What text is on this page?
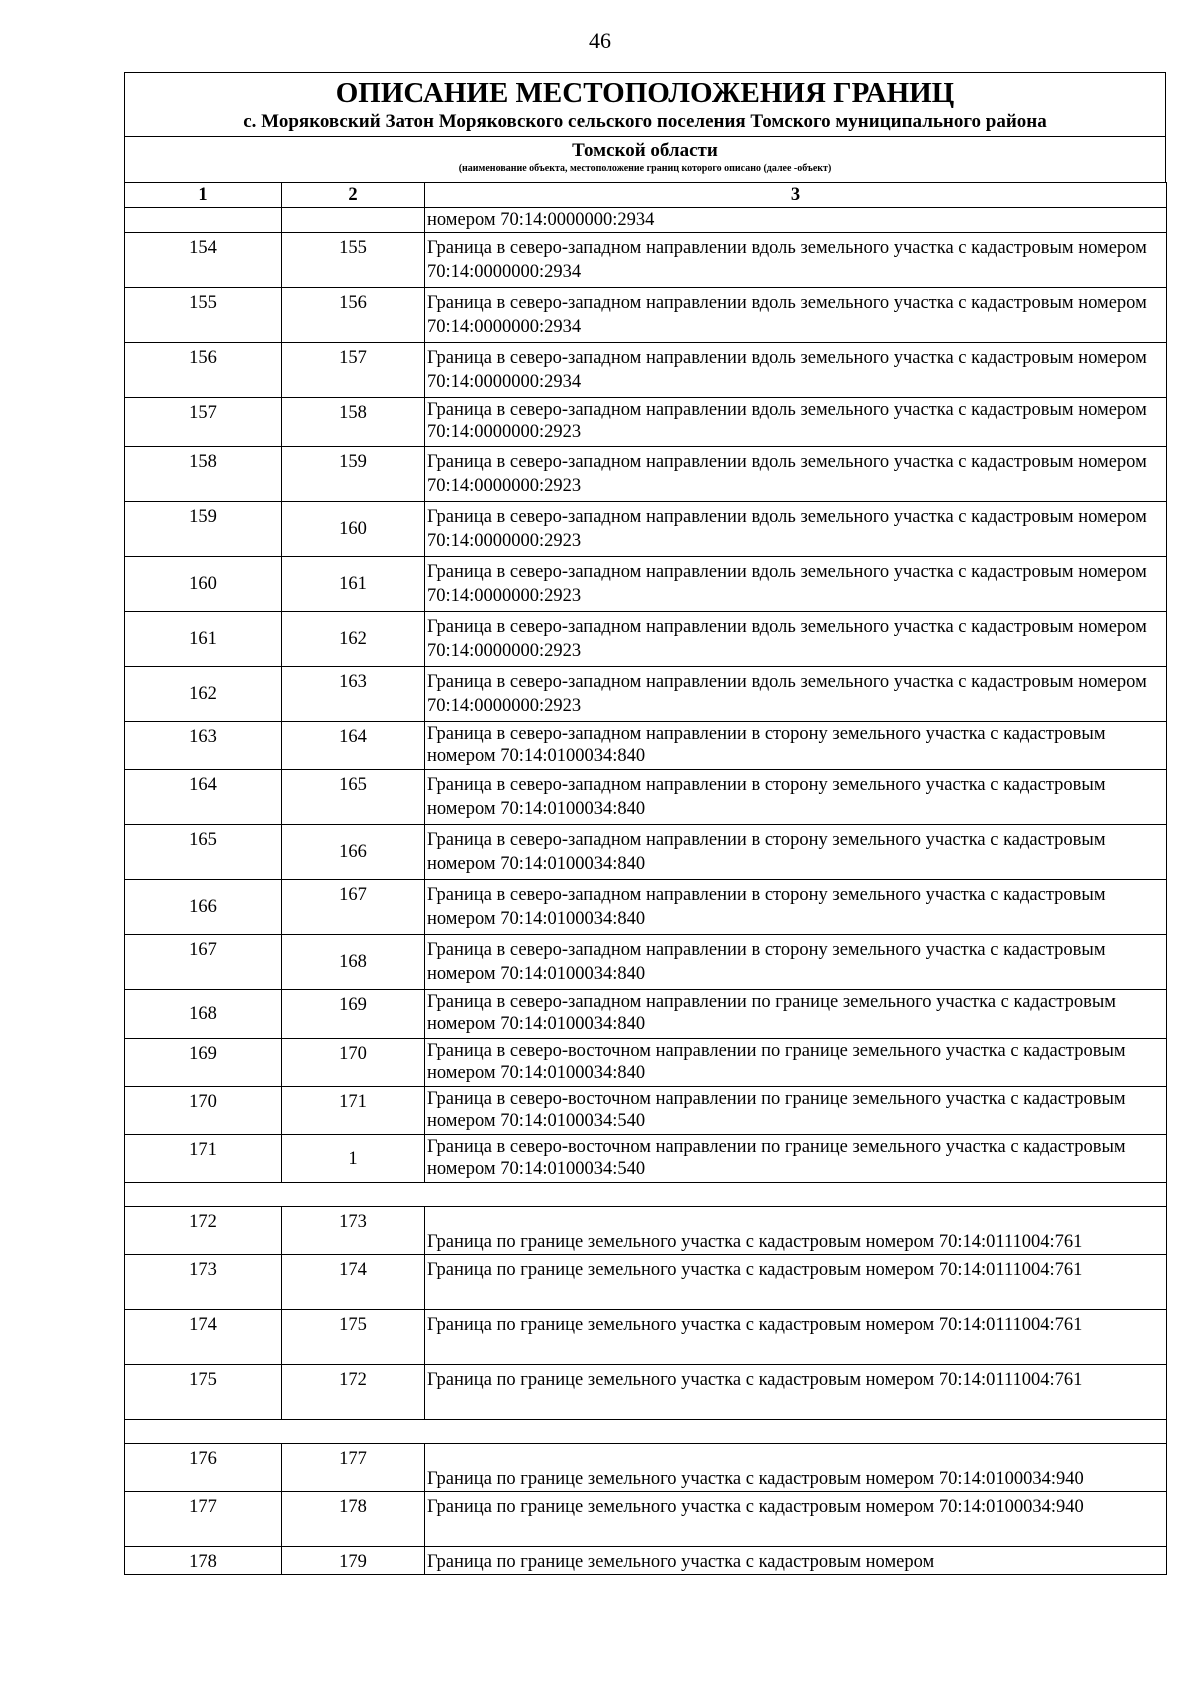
46
ОПИСАНИЕ МЕСТОПОЛОЖЕНИЯ ГРАНИЦ
с. Моряковский Затон Моряковского сельского поселения Томского муниципального района
Томской области
(наименование объекта, местоположение границ которого описано (далее -объект)
1	2	3
		номером 70:14:0000000:2934
154	155	Граница в северо-западном направлении вдоль земельного участка с кадастровым номером 70:14:0000000:2934
155	156	Граница в северо-западном направлении вдоль земельного участка с кадастровым номером 70:14:0000000:2934
156	157	Граница в северо-западном направлении вдоль земельного участка с кадастровым номером 70:14:0000000:2934
157	158	Граница в северо-западном направлении вдоль земельного участка с кадастровым номером 70:14:0000000:2923
158	159	Граница в северо-западном направлении вдоль земельного участка с кадастровым номером 70:14:0000000:2923
159	160	Граница в северо-западном направлении вдоль земельного участка с кадастровым номером 70:14:0000000:2923
160	161	Граница в северо-западном направлении вдоль земельного участка с кадастровым номером 70:14:0000000:2923
161	162	Граница в северо-западном направлении вдоль земельного участка с кадастровым номером 70:14:0000000:2923
162	163	Граница в северо-западном направлении вдоль земельного участка с кадастровым номером 70:14:0000000:2923
163	164	Граница в северо-западном направлении в сторону земельного участка с кадастровым номером 70:14:0100034:840
164	165	Граница в северо-западном направлении в сторону земельного участка с кадастровым номером 70:14:0100034:840
165	166	Граница в северо-западном направлении в сторону земельного участка с кадастровым номером 70:14:0100034:840
166	167	Граница в северо-западном направлении в сторону земельного участка с кадастровым номером 70:14:0100034:840
167	168	Граница в северо-западном направлении в сторону земельного участка с кадастровым номером 70:14:0100034:840
168	169	Граница в северо-западном направлении по границе земельного участка с кадастровым номером 70:14:0100034:840
169	170	Граница в северо-восточном направлении по границе земельного участка с кадастровым номером 70:14:0100034:840
170	171	Граница в северо-восточном направлении по границе земельного участка с кадастровым номером 70:14:0100034:540
171	1	Граница в северо-восточном направлении по границе земельного участка с кадастровым номером 70:14:0100034:540

172	173	Граница по границе земельного участка с кадастровым номером 70:14:0111004:761
173	174	Граница по границе земельного участка с кадастровым номером 70:14:0111004:761
174	175	Граница по границе земельного участка с кадастровым номером 70:14:0111004:761
175	172	Граница по границе земельного участка с кадастровым номером 70:14:0111004:761

176	177	Граница по границе земельного участка с кадастровым номером 70:14:0100034:940
177	178	Граница по границе земельного участка с кадастровым номером 70:14:0100034:940
178	179	Граница по границе земельного участка с кадастровым номером
